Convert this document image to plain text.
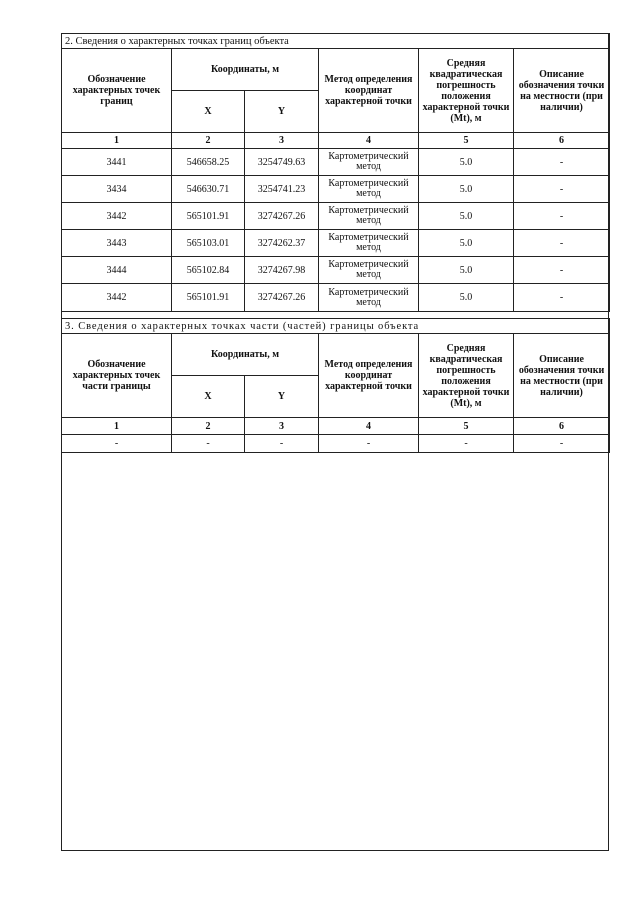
2. Сведения о характерных точках границ объекта					
Обозначение характерных точек границ	Координаты, м		Метод определения координат характерной точки	Средняя квадратическая погрешность положения характерной точки (Mt), м	Описание обозначения точки на местности (при наличии)
	X	Y			
1	2	3	4	5	6
3441	546658.25	3254749.63	Картометрический метод	5.0	-
3434	546630.71	3254741.23	Картометрический метод	5.0	-
3442	565101.91	3274267.26	Картометрический метод	5.0	-
3443	565103.01	3274262.37	Картометрический метод	5.0	-
3444	565102.84	3274267.98	Картометрический метод	5.0	-
3442	565101.91	3274267.26	Картометрический метод	5.0	-
3. Сведения о характерных точках части (частей) границы объекта					
Обозначение характерных точек части границы	Координаты, м		Метод определения координат характерной точки	Средняя квадратическая погрешность положения характерной точки (Mt), м	Описание обозначения точки на местности (при наличии)
	X	Y			
1	2	3	4	5	6
-	-	-	-	-	-
